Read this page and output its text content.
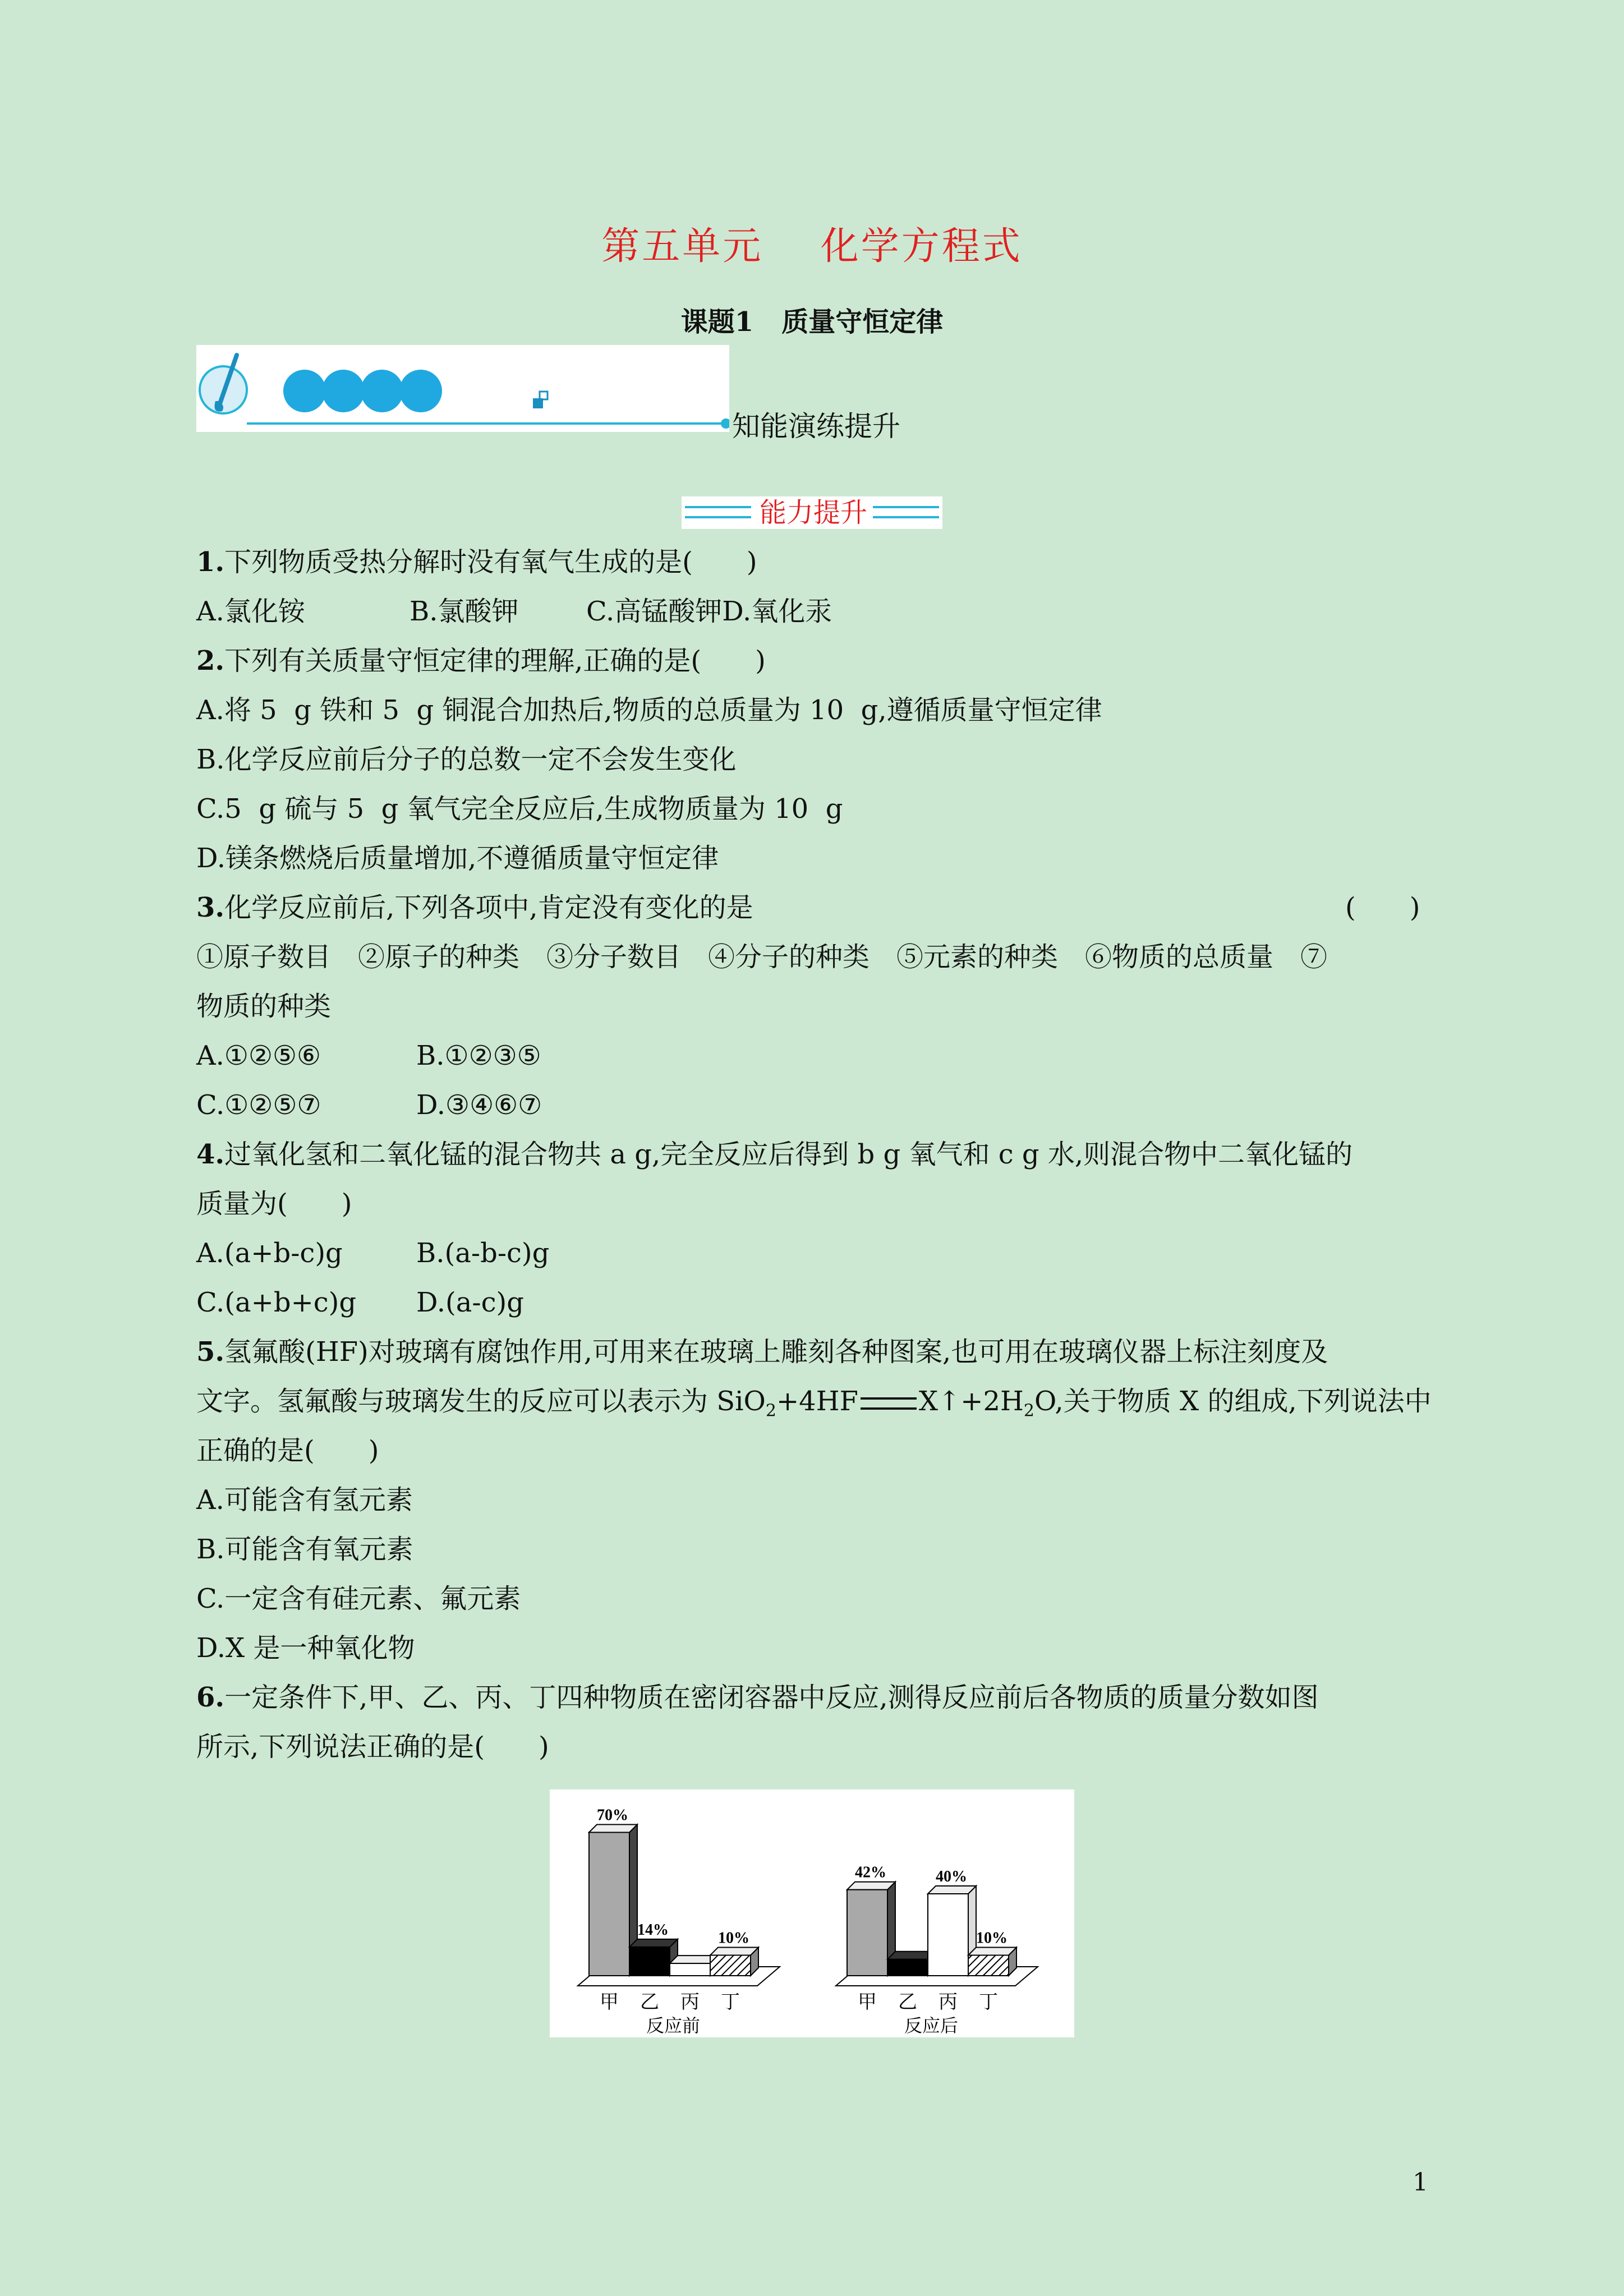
第五单元    化学方程式
课题1   质量守恒定律
知能演练提升
能力提升
1.下列物质受热分解时没有氧气生成的是(　　)
A.氯化铵	B.氯酸钾	C.高锰酸钾D.氧化汞
2.下列有关质量守恒定律的理解,正确的是(　　)
A.将 5  g 铁和 5  g 铜混合加热后,物质的总质量为 10  g,遵循质量守恒定律
B.化学反应前后分子的总数一定不会发生变化
C.5  g 硫与 5  g 氧气完全反应后,生成物质量为 10  g
D.镁条燃烧后质量增加,不遵循质量守恒定律
3.化学反应前后,下列各项中,肯定没有变化的是	(　　)
①原子数目　②原子的种类　③分子数目　④分子的种类　⑤元素的种类　⑥物质的总质量　⑦
物质的种类
A.①②⑤⑥	B.①②③⑤
C.①②⑤⑦	D.③④⑥⑦
4.过氧化氢和二氧化锰的混合物共 a g,完全反应后得到 b g 氧气和 c g 水,则混合物中二氧化锰的
质量为(　　)
A.(a+b-c)g	B.(a-b-c)g
C.(a+b+c)g D.(a-c)g
5.氢氟酸(HF)对玻璃有腐蚀作用,可用来在玻璃上雕刻各种图案,也可用在玻璃仪器上标注刻度及
文字。氢氟酸与玻璃发生的反应可以表示为 SiO$_2$+4HF $X↑+2H_2O$,关于物质 X 的组成,下列说法中
正确的是(　　)
A.可能含有氢元素
B.可能含有氧元素
C.一定含有硅元素、氟元素
D.X 是一种氧化物
6.一定条件下,甲、乙、丙、丁四种物质在密闭容器中反应,测得反应前后各物质的质量分数如图
所示,下列说法正确的是(　　)
70%
甲
14%
乙 丙
10%
丁
反应前
42%
甲 乙
40%
丙
10%
丁
反应后
1
